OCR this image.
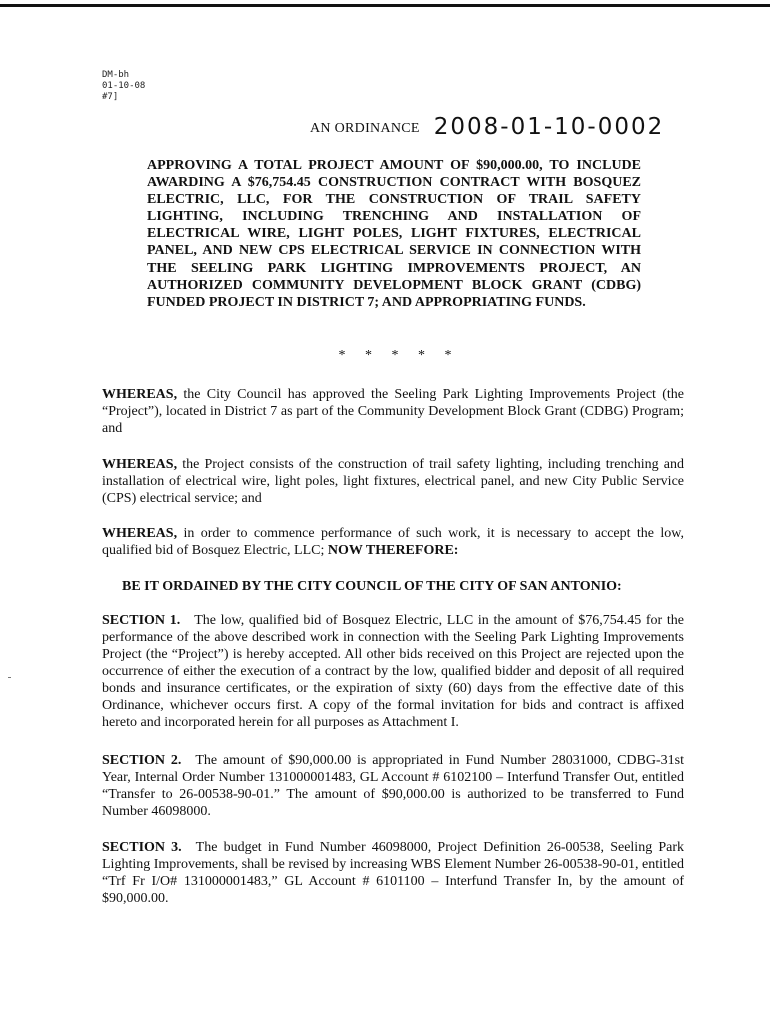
DM-bh
01-10-08
#7]
AN ORDINANCE 2008-01-10-0002
APPROVING A TOTAL PROJECT AMOUNT OF $90,000.00, TO INCLUDE AWARDING A $76,754.45 CONSTRUCTION CONTRACT WITH BOSQUEZ ELECTRIC, LLC, FOR THE CONSTRUCTION OF TRAIL SAFETY LIGHTING, INCLUDING TRENCHING AND INSTALLATION OF ELECTRICAL WIRE, LIGHT POLES, LIGHT FIXTURES, ELECTRICAL PANEL, AND NEW CPS ELECTRICAL SERVICE IN CONNECTION WITH THE SEELING PARK LIGHTING IMPROVEMENTS PROJECT, AN AUTHORIZED COMMUNITY DEVELOPMENT BLOCK GRANT (CDBG) FUNDED PROJECT IN DISTRICT 7; AND APPROPRIATING FUNDS.
* * * * *
WHEREAS, the City Council has approved the Seeling Park Lighting Improvements Project (the “Project”), located in District 7 as part of the Community Development Block Grant (CDBG) Program; and
WHEREAS, the Project consists of the construction of trail safety lighting, including trenching and installation of electrical wire, light poles, light fixtures, electrical panel, and new City Public Service (CPS) electrical service; and
WHEREAS, in order to commence performance of such work, it is necessary to accept the low, qualified bid of Bosquez Electric, LLC; NOW THEREFORE:
BE IT ORDAINED BY THE CITY COUNCIL OF THE CITY OF SAN ANTONIO:
SECTION 1. The low, qualified bid of Bosquez Electric, LLC in the amount of $76,754.45 for the performance of the above described work in connection with the Seeling Park Lighting Improvements Project (the “Project”) is hereby accepted. All other bids received on this Project are rejected upon the occurrence of either the execution of a contract by the low, qualified bidder and deposit of all required bonds and insurance certificates, or the expiration of sixty (60) days from the effective date of this Ordinance, whichever occurs first. A copy of the formal invitation for bids and contract is affixed hereto and incorporated herein for all purposes as Attachment I.
SECTION 2. The amount of $90,000.00 is appropriated in Fund Number 28031000, CDBG-31st Year, Internal Order Number 131000001483, GL Account # 6102100 – Interfund Transfer Out, entitled “Transfer to 26-00538-90-01.” The amount of $90,000.00 is authorized to be transferred to Fund Number 46098000.
SECTION 3. The budget in Fund Number 46098000, Project Definition 26-00538, Seeling Park Lighting Improvements, shall be revised by increasing WBS Element Number 26-00538-90-01, entitled “Trf Fr I/O# 131000001483,” GL Account # 6101100 – Interfund Transfer In, by the amount of $90,000.00.
